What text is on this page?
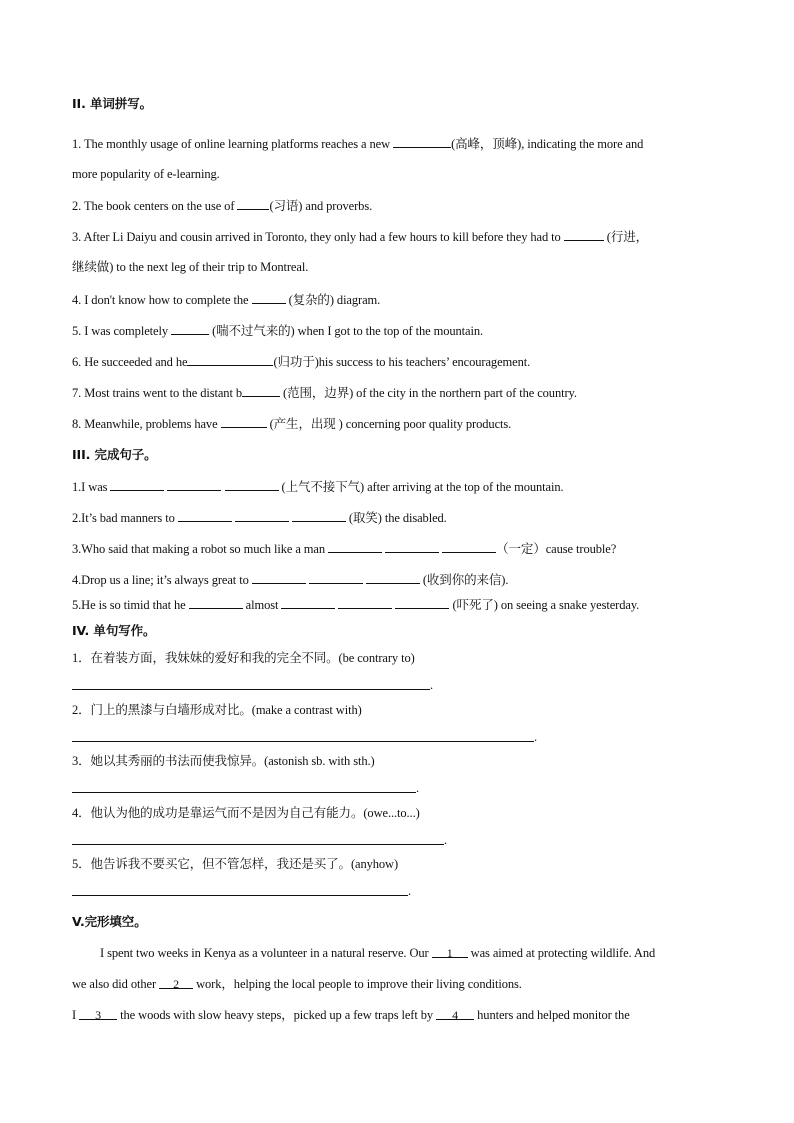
II. 单词拼写。
1. The monthly usage of online learning platforms reaches a new	(高峰，顶峰), indicating the more and
more popularity of e-learning.
2. The book centers on the use of	(习语) and proverbs.
3. After Li Daiyu and cousin arrived in Toronto, they only had a few hours to kill before they had to	(行进，
继续做) to the next leg of their trip to Montreal.
4. I don't know how to complete the	(复杂的) diagram.
5. I was completely	(喘不过气来的) when I got to the top of the mountain.
6. He succeeded and he	(归功于)his success to his teachers’ encouragement.
7. Most trains went to the distant b	(范围，边界) of the city in the northern part of the country.
8. Meanwhile, problems have	(产生，出现 ) concerning poor quality products.
III. 完成句子。
1.I was	(上气不接下气) after arriving at the top of the mountain.
2.It’s bad manners to	(取笑) the disabled.
3.Who said that making a robot so much like a man	（一定）cause trouble?
4.Drop us a line; it’s always great to	(收到你的来信).
5.He is so timid that he	almost	(吓死了) on seeing a snake yesterday.
IV. 单句写作。
1．在着装方面，我妹妹的爱好和我的完全不同。(be contrary to)
.
2．门上的黑漆与白墙形成对比。(make a contrast with)
.
3．她以其秀丽的书法而使我惊异。(astonish sb. with sth.)
.
4．他认为他的成功是靠运气而不是因为自己有能力。(owe...to...)
.
5．他告诉我不要买它，但不管怎样，我还是买了。(anyhow)
.
V.完形填空。
I spent two weeks in Kenya as a volunteer in a natural reserve. Our 1 was aimed at protecting wildlife. And
we also did other 2 work，helping the local people to improve their living conditions.
I 3 the woods with slow heavy steps，picked up a few traps left by 4 hunters and helped monitor the
